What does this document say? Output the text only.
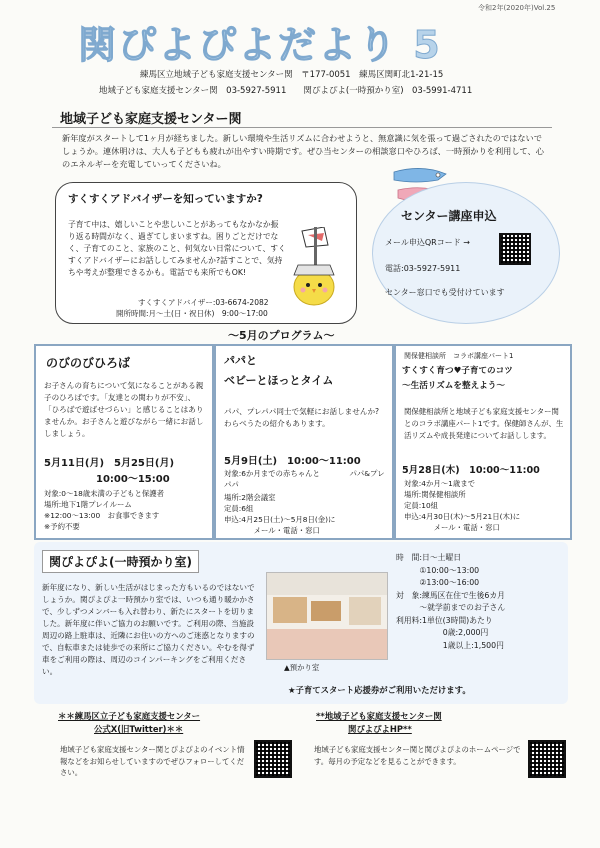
令和2年(2020年)Vol.25
関ぴよぴよだより 5
練馬区立地域子ども家庭支援センター関　〒177-0051　練馬区関町北1-21-15
地域子ども家庭支援センター関　03-5927-5911　　関ぴよぴよ(一時預かり室)　03-5991-4711
地域子ども家庭支援センター関
新年度がスタートして1ヶ月が経ちました。新しい環境や生活リズムに合わせようと、無意識に気を張って過ごされたのではないでしょうか。連休明けは、大人も子どもも疲れが出やすい時期です。ぜひ当センターの相談窓口やひろば、一時預かりを利用して、心のエネルギーを充電していってくださいね。
すくすくアドバイザーを知っていますか?
子育て中は、嬉しいことや悲しいことがあってもなかなか振り返る時間がなく、過ぎてしまいますね。困りごとだけでなく、子育てのこと、家族のこと、何気ない日常について、すくすくアドバイザーにお話ししてみませんか?話すことで、気持ちや考えが整理できるかも。電話でも来所でもOK!
すくすくアドバイザー:03-6674-2082
開所時間:月〜土(日・祝日休)　9:00〜17:00
センター講座申込
メール申込QRコード →
電話:03-5927-5911
センター窓口でも受付けています
〜5月のプログラム〜
のびのびひろば
お子さんの育ちについて気になることがある親子のひろばです。「友達との関わりが不安」、「ひろばで遊ばせづらい」と感じることはありませんか。お子さんと遊びながら一緒にお話ししましょう。
5月11日(月)　5月25日(月)
10:00〜15:00
対象:0〜18歳未満の子どもと保護者
場所:地下1階プレイルーム
※12:00〜13:00　お食事できます
※予約不要
パパと
ベビーとほっとタイム
パパ、プレパパ同士で気軽にお話しませんか?わらべうたの紹介もあります。
5月9日(土)　10:00〜11:00
対象:6か月までの赤ちゃんと　　　　パパ&プレパパ
場所:2階会議室
定員:6組
申込:4月25日(土)〜5月8日(金)に
　　　　メール・電話・窓口
関保健相談所　コラボ講座パート1
すくすく育つ♥子育てのコツ
〜生活リズムを整えよう〜
関保健相談所と地域子ども家庭支援センター関とのコラボ講座パート1です。保健師さんが、生活リズムや成長発達についてお話しします。
5月28日(木)　10:00〜11:00
対象:4か月〜1歳まで
場所:関保健相談所
定員:10組
申込:4月30日(木)〜5月21日(木)に
　　　　メール・電話・窓口
関ぴよぴよ(一時預かり室)
新年度になり、新しい生活がはじまった方もいるのではないでしょうか。関ぴよぴよ一時預かり室では、いつも通り暖かかさで、少しずつメンバーも入れ替わり、新たにスタートを切りました。新年度に伴いご協力のお願いです。ご利用の際、当施設周辺の路上駐車は、近隣にお住いの方へのご迷惑となりますので、自転車または徒歩での来所にご協力ください。やむを得ず車をご利用の際は、周辺のコインパーキングをご利用ください。	▲預かり室
時　間:日〜土曜日
　　　①10:00〜13:00
　　　②13:00〜16:00
対　象:練馬区在住で生後6カ月
　　　〜就学前までのお子さん
利用料:1単位(3時間)あたり
　　　　　　0歳:2,000円
　　　　　　1歳以上:1,500円
★子育てスタート応援券がご利用いただけます。
＊＊練馬区立子ども家庭支援センター
公式X(旧Twitter)＊＊
地域子ども家庭支援センター関とぴよぴよのイベント情報などをお知らせしていますのでぜひフォローしてください。
**地域子ども家庭支援センター関
関ぴよぴよHP**
地域子ども家庭支援センター関と関ぴよぴよのホームページです。毎月の予定などを見ることができます。
